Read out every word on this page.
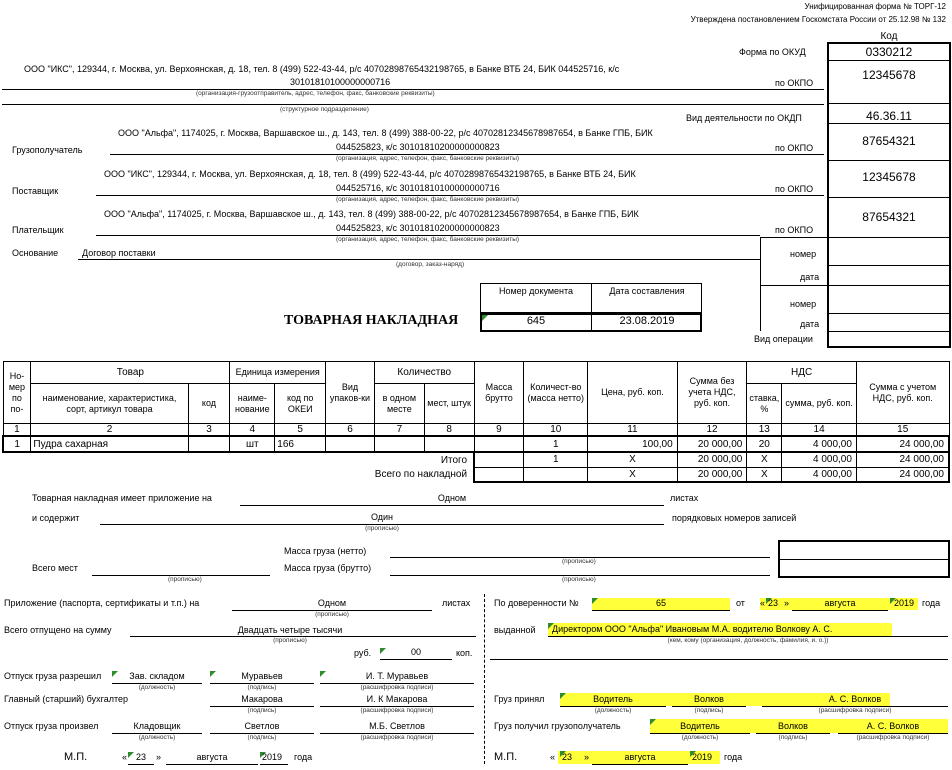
Унифицированная форма № ТОРГ-12
Утверждена постановлением Госкомстата России от 25.12.98 № 132
Код
Форма по ОКУД	0330212
по ОКПО
12345678
Вид деятельности по ОКДП	46.36.11
по ОКПО	87654321
по ОКПО
12345678
по ОКПО
87654321
номер
дата
номер
дата
Вид операции
ООО "ИКС", 129344, г. Москва, ул. Верхоянская, д. 18, тел. 8 (499) 522-43-44, р/с 40702898765432198765, в Банке ВТБ 24, БИК 044525716, к/с
30101810100000000716
(организация-грузоотправитель, адрес, телефон, факс, банковские реквизиты)
(структурное подразделение)
ООО "Альфа", 1174025, г. Москва, Варшавское ш., д. 143, тел. 8 (499) 388-00-22, р/с 40702812345678987654, в Банке ГПБ, БИК
044525823, к/с 30101810200000000823
Грузополучатель
(организация, адрес, телефон, факс, банковские реквизиты)
ООО "ИКС", 129344, г. Москва, ул. Верхоянская, д. 18, тел. 8 (499) 522-43-44, р/с 40702898765432198765, в Банке ВТБ 24, БИК
044525716, к/с 30101810100000000716
Поставщик
(организация, адрес, телефон, факс, банковские реквизиты)
ООО "Альфа", 1174025, г. Москва, Варшавское ш., д. 143, тел. 8 (499) 388-00-22, р/с 40702812345678987654, в Банке ГПБ, БИК
044525823, к/с 30101810200000000823
Плательщик
(организация, адрес, телефон, факс, банковские реквизиты)
Основание	Договор поставки
(договор, заказ-наряд)
ТОВАРНАЯ НАКЛАДНАЯ
Номер документа	Дата составления
645	23.08.2019
Но-мер по по-	Товар		Единица измерения		Вид упаков-ки	Количество		Масса брутто	Количест-во (масса нетто)	Цена, руб. коп.	Сумма без учета НДС, руб. коп.	НДС		Сумма с учетом НДС, руб. коп.
	наименование, характеристика, сорт, артикул товара	код	наиме-нование	код по ОКЕИ		в одном месте	мест, штук					ставка, %	сумма, руб. коп.	
1	2	3	4	5	6	7	8	9	10	11	12	13	14	15
1	Пудра сахарная		шт	166					1	100,00	20 000,00	20	4 000,00	24 000,00
Итого									1	X	20 000,00	X	4 000,00	24 000,00
Всего по накладной										X	20 000,00	X	4 000,00	24 000,00
Товарная накладная имеет приложение на	Одном	листах
и содержит	Один
(прописью)
порядковых номеров записей
Масса груза (нетто)
(прописью)
Всего мест
(прописью)
Масса груза (брутто)
(прописью)
Приложение (паспорта, сертификаты и т.п.) на	Одном
(прописью)
листах
Всего отпущено на сумму	Двадцать четыре тысячи
(прописью)
руб.	00	коп.
Отпуск груза разрешил	Зав. складом
(должность)
Муравьев
(подпись)
И. Т. Муравьев
(расшифровка подписи)
Главный (старший) бухгалтер	Макарова
(подпись)
И. К Макарова
(расшифровка подписи)
Отпуск груза произвел	Кладовщик
(должность)
Светлов
(подпись)
М.Б. Светлов
(расшифровка подписи)
М.П.	« 23	»	августа	2019 года
По доверенности №	65	от « 23 »	августа	2019 года
выданной Директором ООО "Альфа" Ивановым М.А. водителю Волкову А. С.
(кем, кому (организация, должность, фамилия, и. о.))
Груз принял	Водитель
(должность)
Волков
(подпись)
А. С. Волков
(расшифровка подписи)
Груз получил грузополучатель	Водитель
(должность)
Волков
(подпись)
А. С. Волков
(расшифровка подписи)
М.П.	« 23 »	августа	2019 года
